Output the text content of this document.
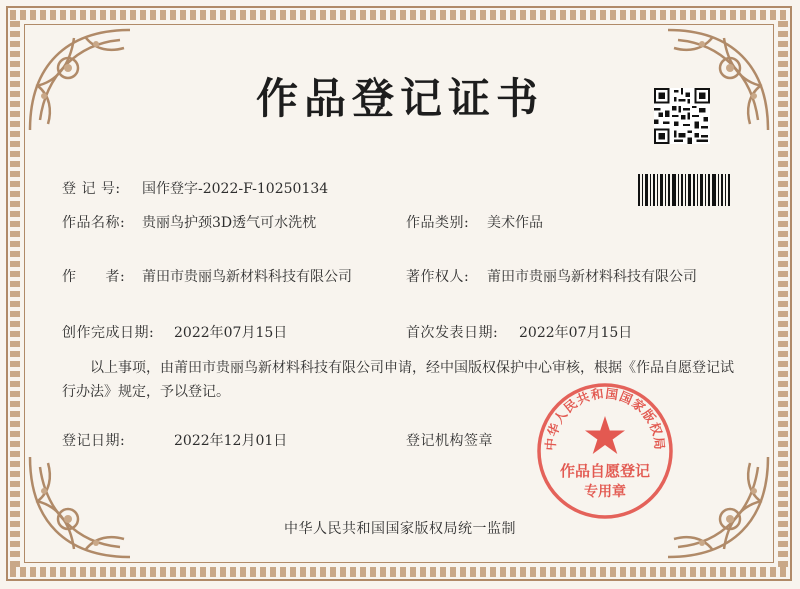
作品登记证书
登 记 号: 国作登字-2022-F-10250134
作品名称: 贵丽鸟护颈3D透气可水洗枕	作品类别: 美术作品
作　　者: 莆田市贵丽鸟新材料科技有限公司	著作权人: 莆田市贵丽鸟新材料科技有限公司
创作完成日期: 2022年07月15日	首次发表日期: 2022年07月15日
以上事项，由莆田市贵丽鸟新材料科技有限公司申请，经中国版权保护中心审核，根据《作品自愿登记试行办法》规定，予以登记。
登记日期:	2022年12月01日	登记机构签章	中华人民共和国国家版权局
作品自愿登记
专用章
中华人民共和国国家版权局统一监制
